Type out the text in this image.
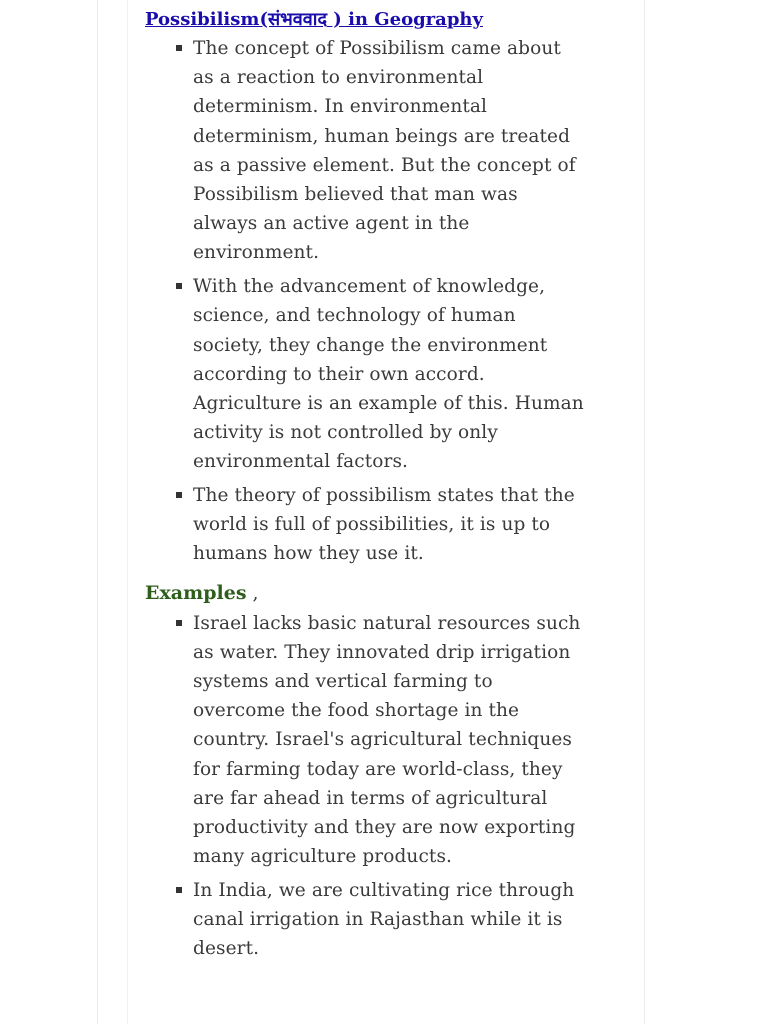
Possibilism(संभववाद ) in Geography
The concept of Possibilism came about as a reaction to environmental determinism. In environmental determinism, human beings are treated as a passive element. But the concept of Possibilism believed that man was always an active agent in the environment.
With the advancement of knowledge, science, and technology of human society, they change the environment according to their own accord. Agriculture is an example of this. Human activity is not controlled by only environmental factors.
The theory of possibilism states that the world is full of possibilities, it is up to humans how they use it.

Examples ,

Israel lacks basic natural resources such as water. They innovated drip irrigation systems and vertical farming to overcome the food shortage in the country. Israel's agricultural techniques for farming today are world-class, they are far ahead in terms of agricultural productivity and they are now exporting many agriculture products.
In India, we are cultivating rice through canal irrigation in Rajasthan while it is desert.
